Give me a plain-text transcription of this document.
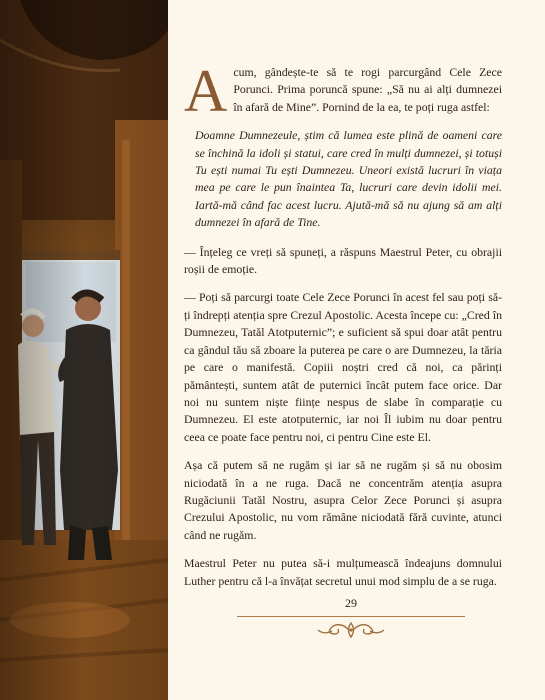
Acum, gândește-te să te rogi parcurgând Cele Zece Porunci. Prima poruncă spune: „Să nu ai alți dumnezei în afară de Mine”. Pornind de la ea, te poți ruga astfel:

Doamne Dumnezeule, știm că lumea este plină de oameni care se închină la idoli și statui, care cred în mulți dumnezei, și totuși Tu ești numai Tu ești Dumnezeu. Uneori există lucruri în viața mea pe care le pun înaintea Ta, lucruri care devin idolii mei. Iartă-mă când fac acest lucru. Ajută-mă să nu ajung să am alți dumnezei în afară de Tine.

— Înțeleg ce vreți să spuneți, a răspuns Maestrul Peter, cu obrajii roșii de emoție.

— Poți să parcurgi toate Cele Zece Porunci în acest fel sau poți să-ți îndrepți atenția spre Crezul Apostolic. Acesta începe cu: „Cred în Dumnezeu, Tatăl Atotputernic”; e suficient să spui doar atât pentru ca gândul tău să zboare la puterea pe care o are Dumnezeu, la tăria pe care o manifestă. Copiii noștri cred că noi, ca părinți pământești, suntem atât de puternici încât putem face orice. Dar noi nu suntem niște ființe nespus de slabe în comparație cu Dumnezeu. El este atotputernic, iar noi Îl iubim nu doar pentru ceea ce poate face pentru noi, ci pentru Cine este El.

Așa că putem să ne rugăm și iar să ne rugăm și să nu obosim niciodată în a ne ruga. Dacă ne concentrăm atenția asupra Rugăciunii Tatăl Nostru, asupra Celor Zece Porunci și asupra Crezului Apostolic, nu vom rămâne niciodată fără cuvinte, atunci când ne rugăm.

Maestrul Peter nu putea să-i mulțumească îndeajuns domnului Luther pentru că l-a învățat secretul unui mod simplu de a se ruga.

29
